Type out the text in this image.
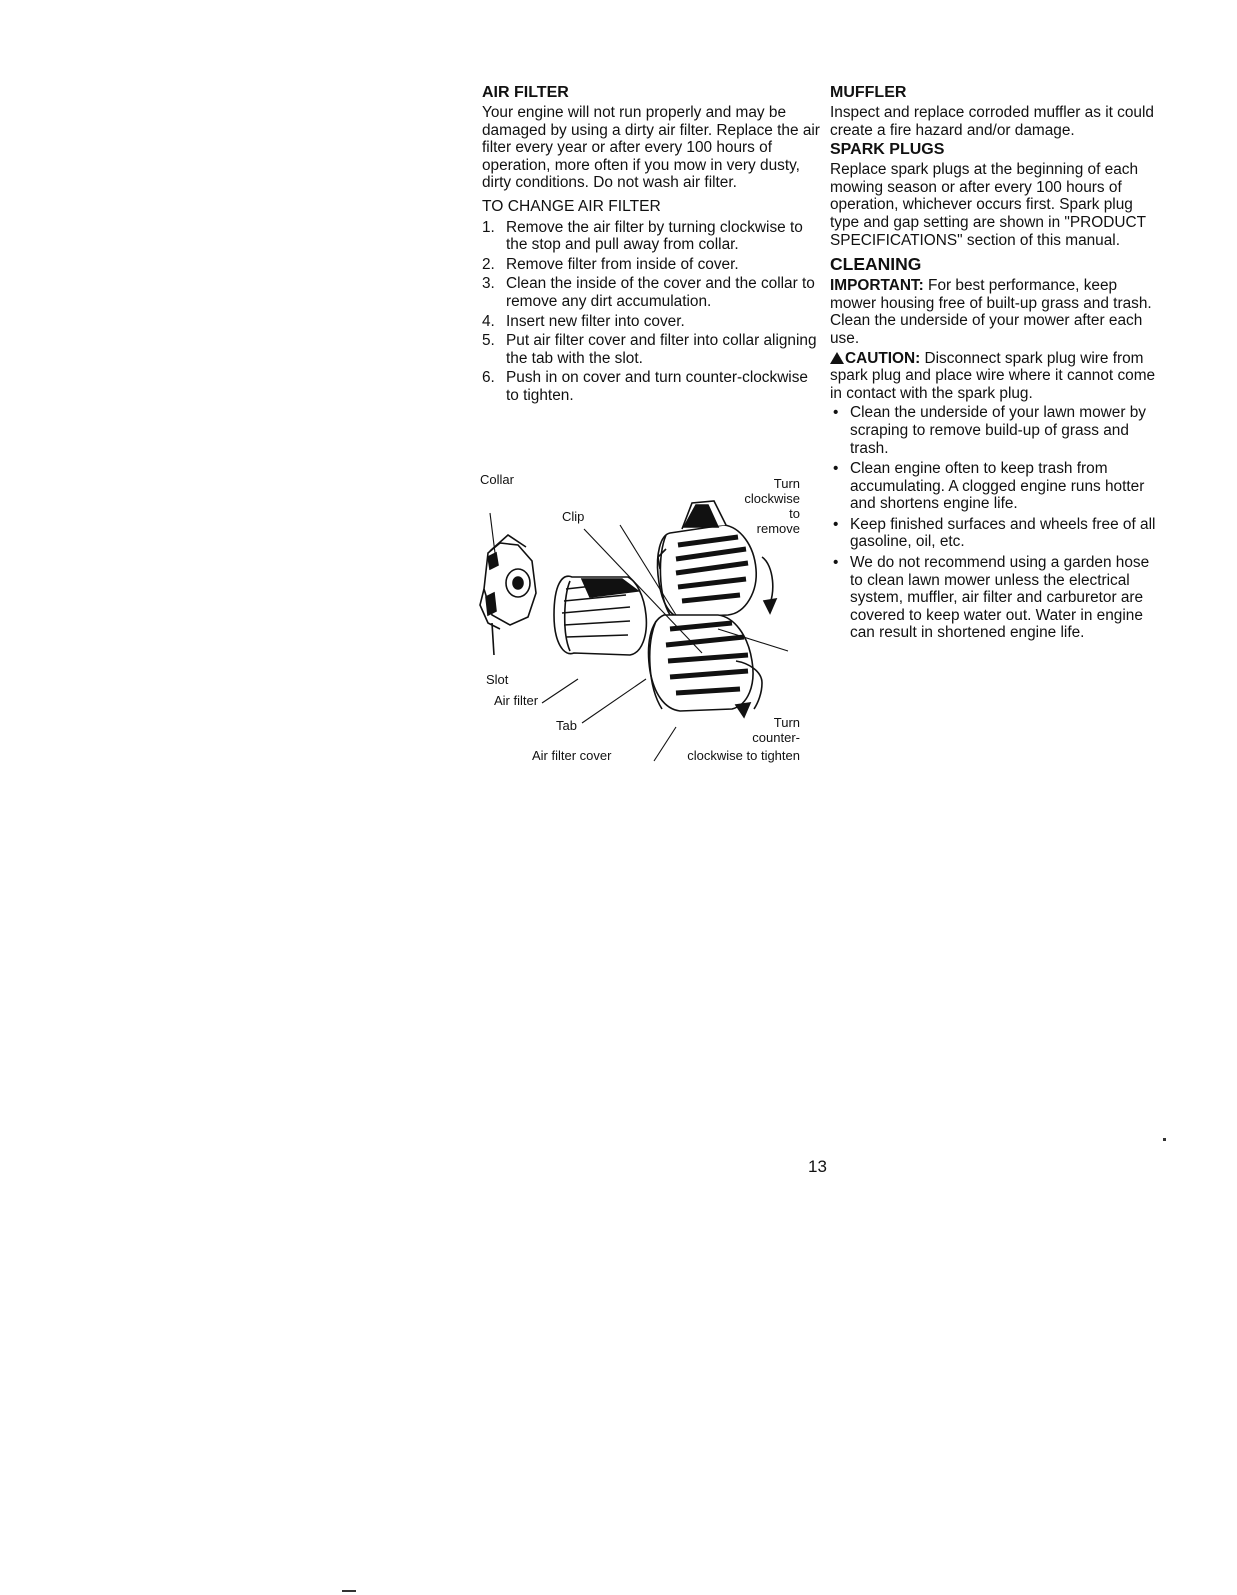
AIR FILTER

Your engine will not run properly and may be damaged by using a dirty air filter. Replace the air filter every year or after every 100 hours of operation, more often if you mow in very dusty, dirty conditions. Do not wash air filter.

TO CHANGE AIR FILTER
1. Remove the air filter by turning clockwise to the stop and pull away from collar.
2. Remove filter from inside of cover.
3. Clean the inside of the cover and the collar to remove any dirt accumulation.
4. Insert new filter into cover.
5. Put air filter cover and filter into collar aligning the tab with the slot.
6. Push in on cover and turn counter-clockwise to tighten.
Collar
Clip
Turn
clockwise
to
remove
Slot
Air filter
Tab	Turn
counter-
clockwise to tighten
Air filter cover
MUFFLER

Inspect and replace corroded muffler as it could create a fire hazard and/or damage.

SPARK PLUGS

Replace spark plugs at the beginning of each mowing season or after every 100 hours of operation, whichever occurs first. Spark plug type and gap setting are shown in "PRODUCT SPECIFICATIONS" section of this manual.

CLEANING

IMPORTANT: For best performance, keep mower housing free of built-up grass and trash. Clean the underside of your mower after each use.

CAUTION: Disconnect spark plug wire from spark plug and place wire where it cannot come in contact with the spark plug.

• Clean the underside of your lawn mower by scraping to remove build-up of grass and trash.
• Clean engine often to keep trash from accumulating. A clogged engine runs hotter and shortens engine life.
• Keep finished surfaces and wheels free of all gasoline, oil, etc.
• We do not recommend using a garden hose to clean lawn mower unless the electrical system, muffler, air filter and carburetor are covered to keep water out. Water in engine can result in shortened engine life.
13
